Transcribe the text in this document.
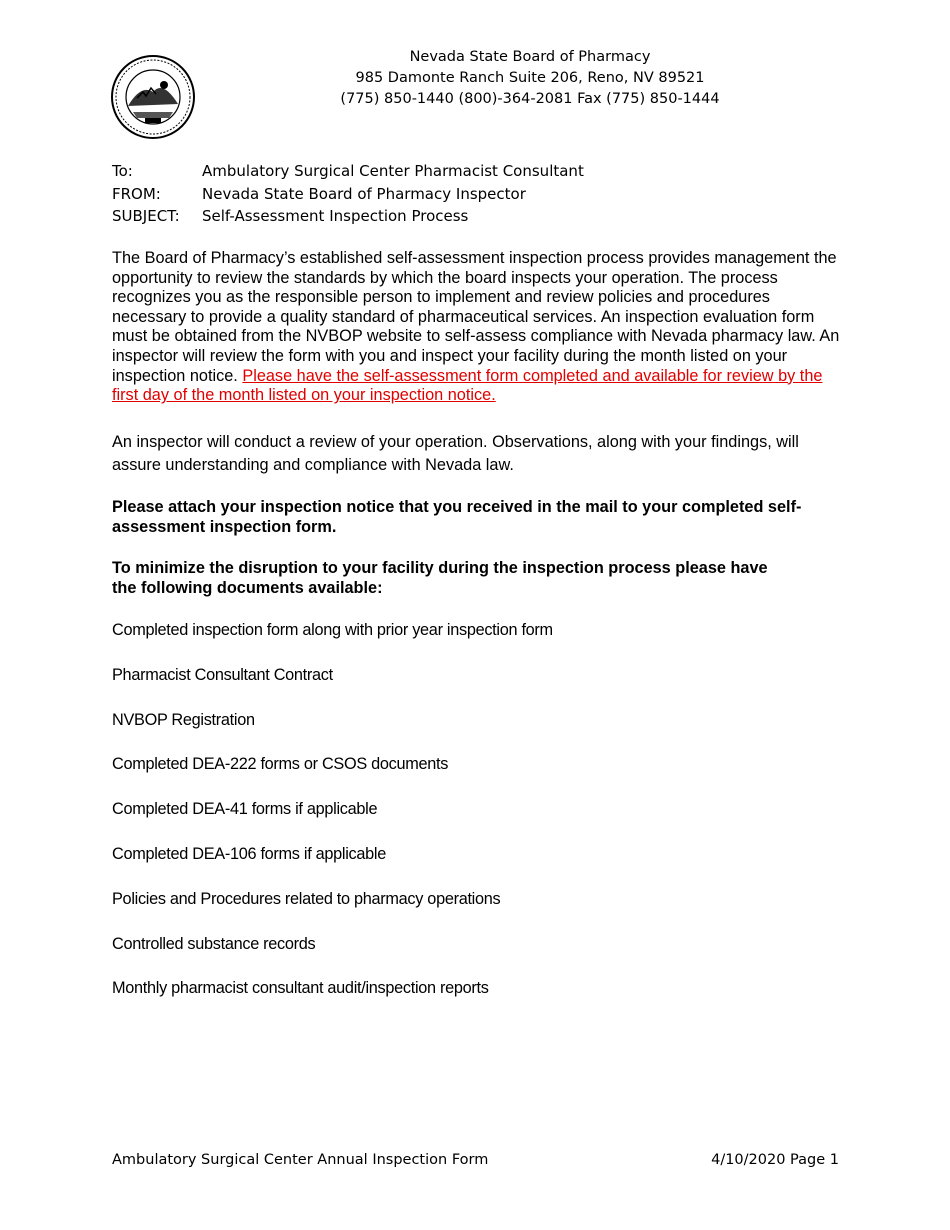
Nevada State Board of Pharmacy
985 Damonte Ranch Suite 206, Reno, NV 89521
(775) 850-1440 (800)-364-2081 Fax (775) 850-1444
To:	Ambulatory Surgical Center Pharmacist Consultant
FROM:	Nevada State Board of Pharmacy Inspector
SUBJECT:	Self-Assessment Inspection Process
The Board of Pharmacy’s established self-assessment inspection process provides management the opportunity to review the standards by which the board inspects your operation. The process recognizes you as the responsible person to implement and review policies and procedures necessary to provide a quality standard of pharmaceutical services. An inspection evaluation form must be obtained from the NVBOP website to self-assess compliance with Nevada pharmacy law. An inspector will review the form with you and inspect your facility during the month listed on your inspection notice. Please have the self-assessment form completed and available for review by the first day of the month listed on your inspection notice.
An inspector will conduct a review of your operation. Observations, along with your findings, will assure understanding and compliance with Nevada law.
Please attach your inspection notice that you received in the mail to your completed self-assessment inspection form.
To minimize the disruption to your facility during the inspection process please have the following documents available:
Completed inspection form along with prior year inspection form
Pharmacist Consultant Contract
NVBOP Registration
Completed DEA-222 forms or CSOS documents
Completed DEA-41 forms if applicable
Completed DEA-106 forms if applicable
Policies and Procedures related to pharmacy operations
Controlled substance records
Monthly pharmacist consultant audit/inspection reports
Ambulatory Surgical Center Annual Inspection Form	4/10/2020 Page 1
